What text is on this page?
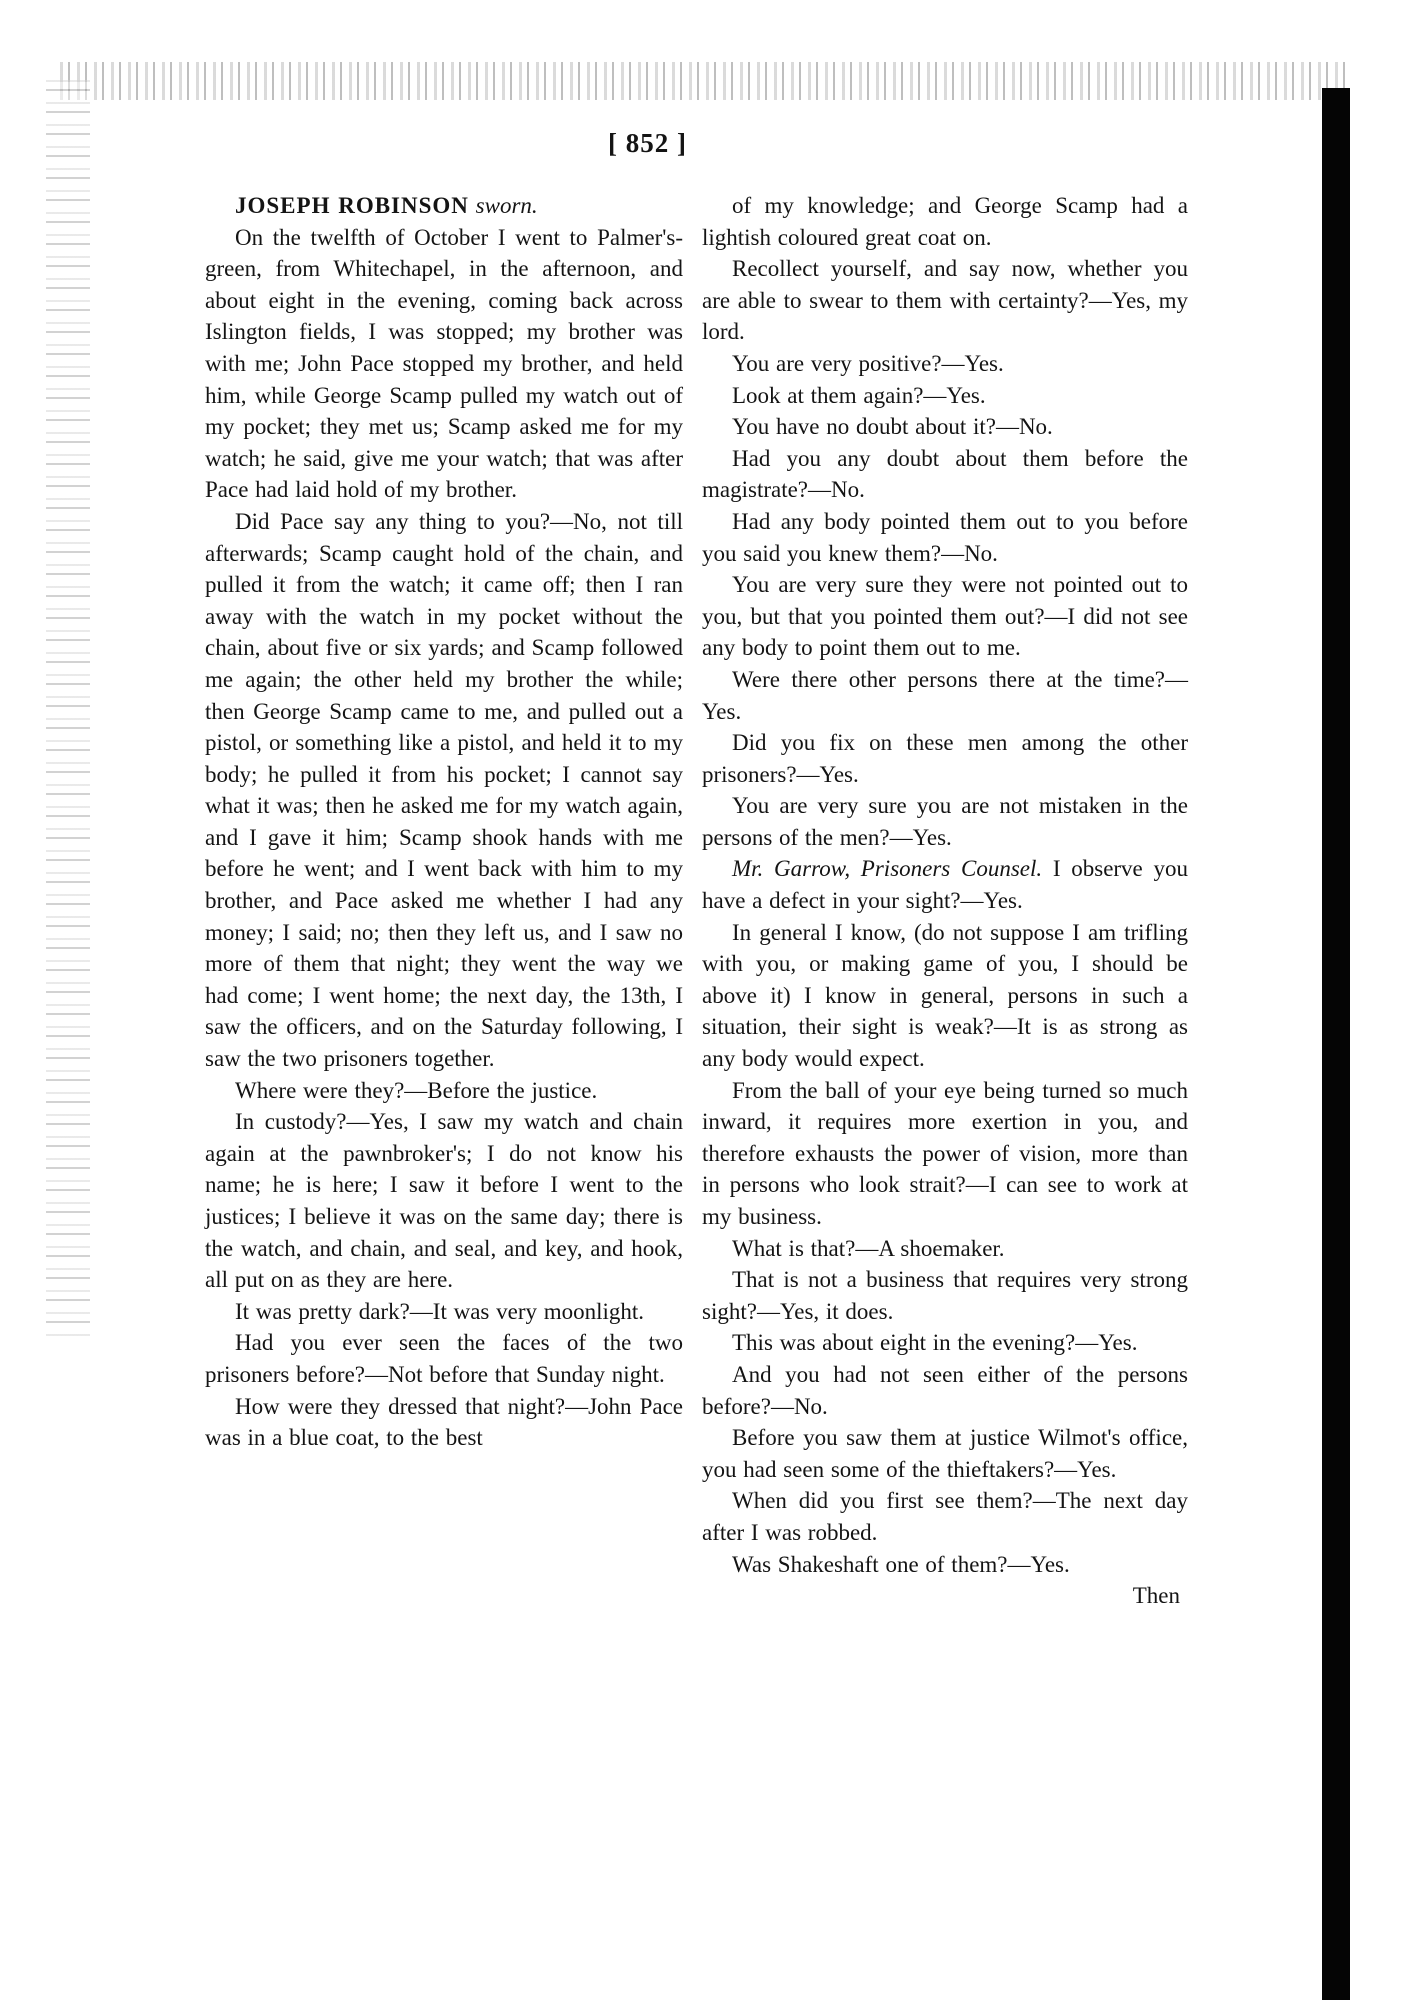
[ 852 ]

JOSEPH ROBINSON sworn.

On the twelfth of October I went to Palmer's-green, from Whitechapel, in the afternoon, and about eight in the evening, coming back across Islington fields, I was stopped; my brother was with me; John Pace stopped my brother, and held him, while George Scamp pulled my watch out of my pocket; they met us; Scamp asked me for my watch; he said, give me your watch; that was after Pace had laid hold of my brother.

Did Pace say any thing to you?—No, not till afterwards; Scamp caught hold of the chain, and pulled it from the watch; it came off; then I ran away with the watch in my pocket without the chain, about five or six yards; and Scamp followed me again; the other held my brother the while; then George Scamp came to me, and pulled out a pistol, or something like a pistol, and held it to my body; he pulled it from his pocket; I cannot say what it was; then he asked me for my watch again, and I gave it him; Scamp shook hands with me before he went; and I went back with him to my brother, and Pace asked me whether I had any money; I said; no; then they left us, and I saw no more of them that night; they went the way we had come; I went home; the next day, the 13th, I saw the officers, and on the Saturday following, I saw the two prisoners together.

Where were they?—Before the justice.

In custody?—Yes, I saw my watch and chain again at the pawnbroker's; I do not know his name; he is here; I saw it before I went to the justices; I believe it was on the same day; there is the watch, and chain, and seal, and key, and hook, all put on as they are here.

It was pretty dark?—It was very moonlight.

Had you ever seen the faces of the two prisoners before?—Not before that Sunday night.

How were they dressed that night?—John Pace was in a blue coat, to the best

of my knowledge; and George Scamp had a lightish coloured great coat on.

Recollect yourself, and say now, whether you are able to swear to them with certainty?—Yes, my lord.

You are very positive?—Yes.

Look at them again?—Yes.

You have no doubt about it?—No.

Had you any doubt about them before the magistrate?—No.

Had any body pointed them out to you before you said you knew them?—No.

You are very sure they were not pointed out to you, but that you pointed them out?—I did not see any body to point them out to me.

Were there other persons there at the time?—Yes.

Did you fix on these men among the other prisoners?—Yes.

You are very sure you are not mistaken in the persons of the men?—Yes.

Mr. Garrow, Prisoners Counsel. I observe you have a defect in your sight?—Yes.

In general I know, (do not suppose I am trifling with you, or making game of you, I should be above it) I know in general, persons in such a situation, their sight is weak?—It is as strong as any body would expect.

From the ball of your eye being turned so much inward, it requires more exertion in you, and therefore exhausts the power of vision, more than in persons who look strait?—I can see to work at my business.

What is that?—A shoemaker.

That is not a business that requires very strong sight?—Yes, it does.

This was about eight in the evening?—Yes.

And you had not seen either of the persons before?—No.

Before you saw them at justice Wilmot's office, you had seen some of the thieftakers?—Yes.

When did you first see them?—The next day after I was robbed.

Was Shakeshaft one of them?—Yes.

Then
